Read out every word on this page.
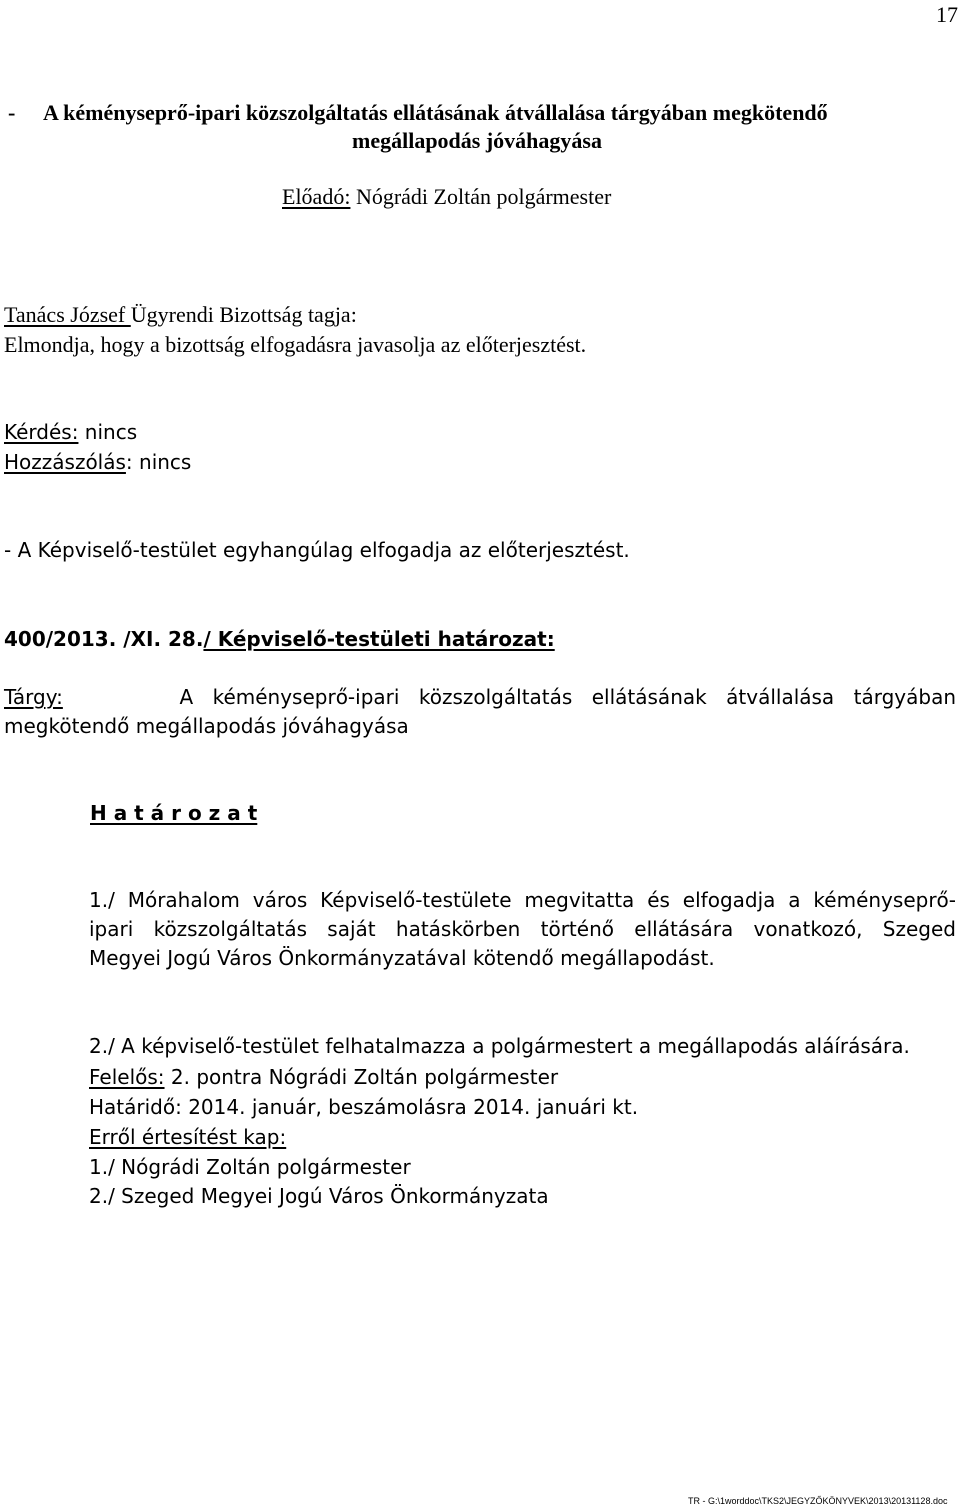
17
- A kéményseprő-ipari közszolgáltatás ellátásának átvállalása tárgyában megkötendő
megállapodás jóváhagyása
Előadó: Nógrádi Zoltán polgármester
Tanács József Ügyrendi Bizottság tagja:
Elmondja, hogy a bizottság elfogadásra javasolja az előterjesztést.
Kérdés: nincs
Hozzászólás: nincs
- A Képviselő-testület egyhangúlag elfogadja az előterjesztést.
400/2013. /XI. 28./ Képviselő-testületi határozat:
Tárgy:	A kéményseprő-ipari közszolgáltatás ellátásának átvállalása tárgyában
megkötendő megállapodás jóváhagyása
H a t á r o z a t
1./ Mórahalom város Képviselő-testülete megvitatta és elfogadja a kéményseprő-
ipari közszolgáltatás saját hatáskörben történő ellátására vonatkozó, Szeged
Megyei Jogú Város Önkormányzatával kötendő megállapodást.
2./ A képviselő-testület felhatalmazza a polgármestert a megállapodás aláírására.
Felelős: 2. pontra Nógrádi Zoltán polgármester
Határidő: 2014. január, beszámolásra 2014. januári kt.
Erről értesítést kap:
1./ Nógrádi Zoltán polgármester
2./ Szeged Megyei Jogú Város Önkormányzata
TR - G:\1worddoc\TKS2\JEGYZŐKÖNYVEK\2013\20131128.doc
